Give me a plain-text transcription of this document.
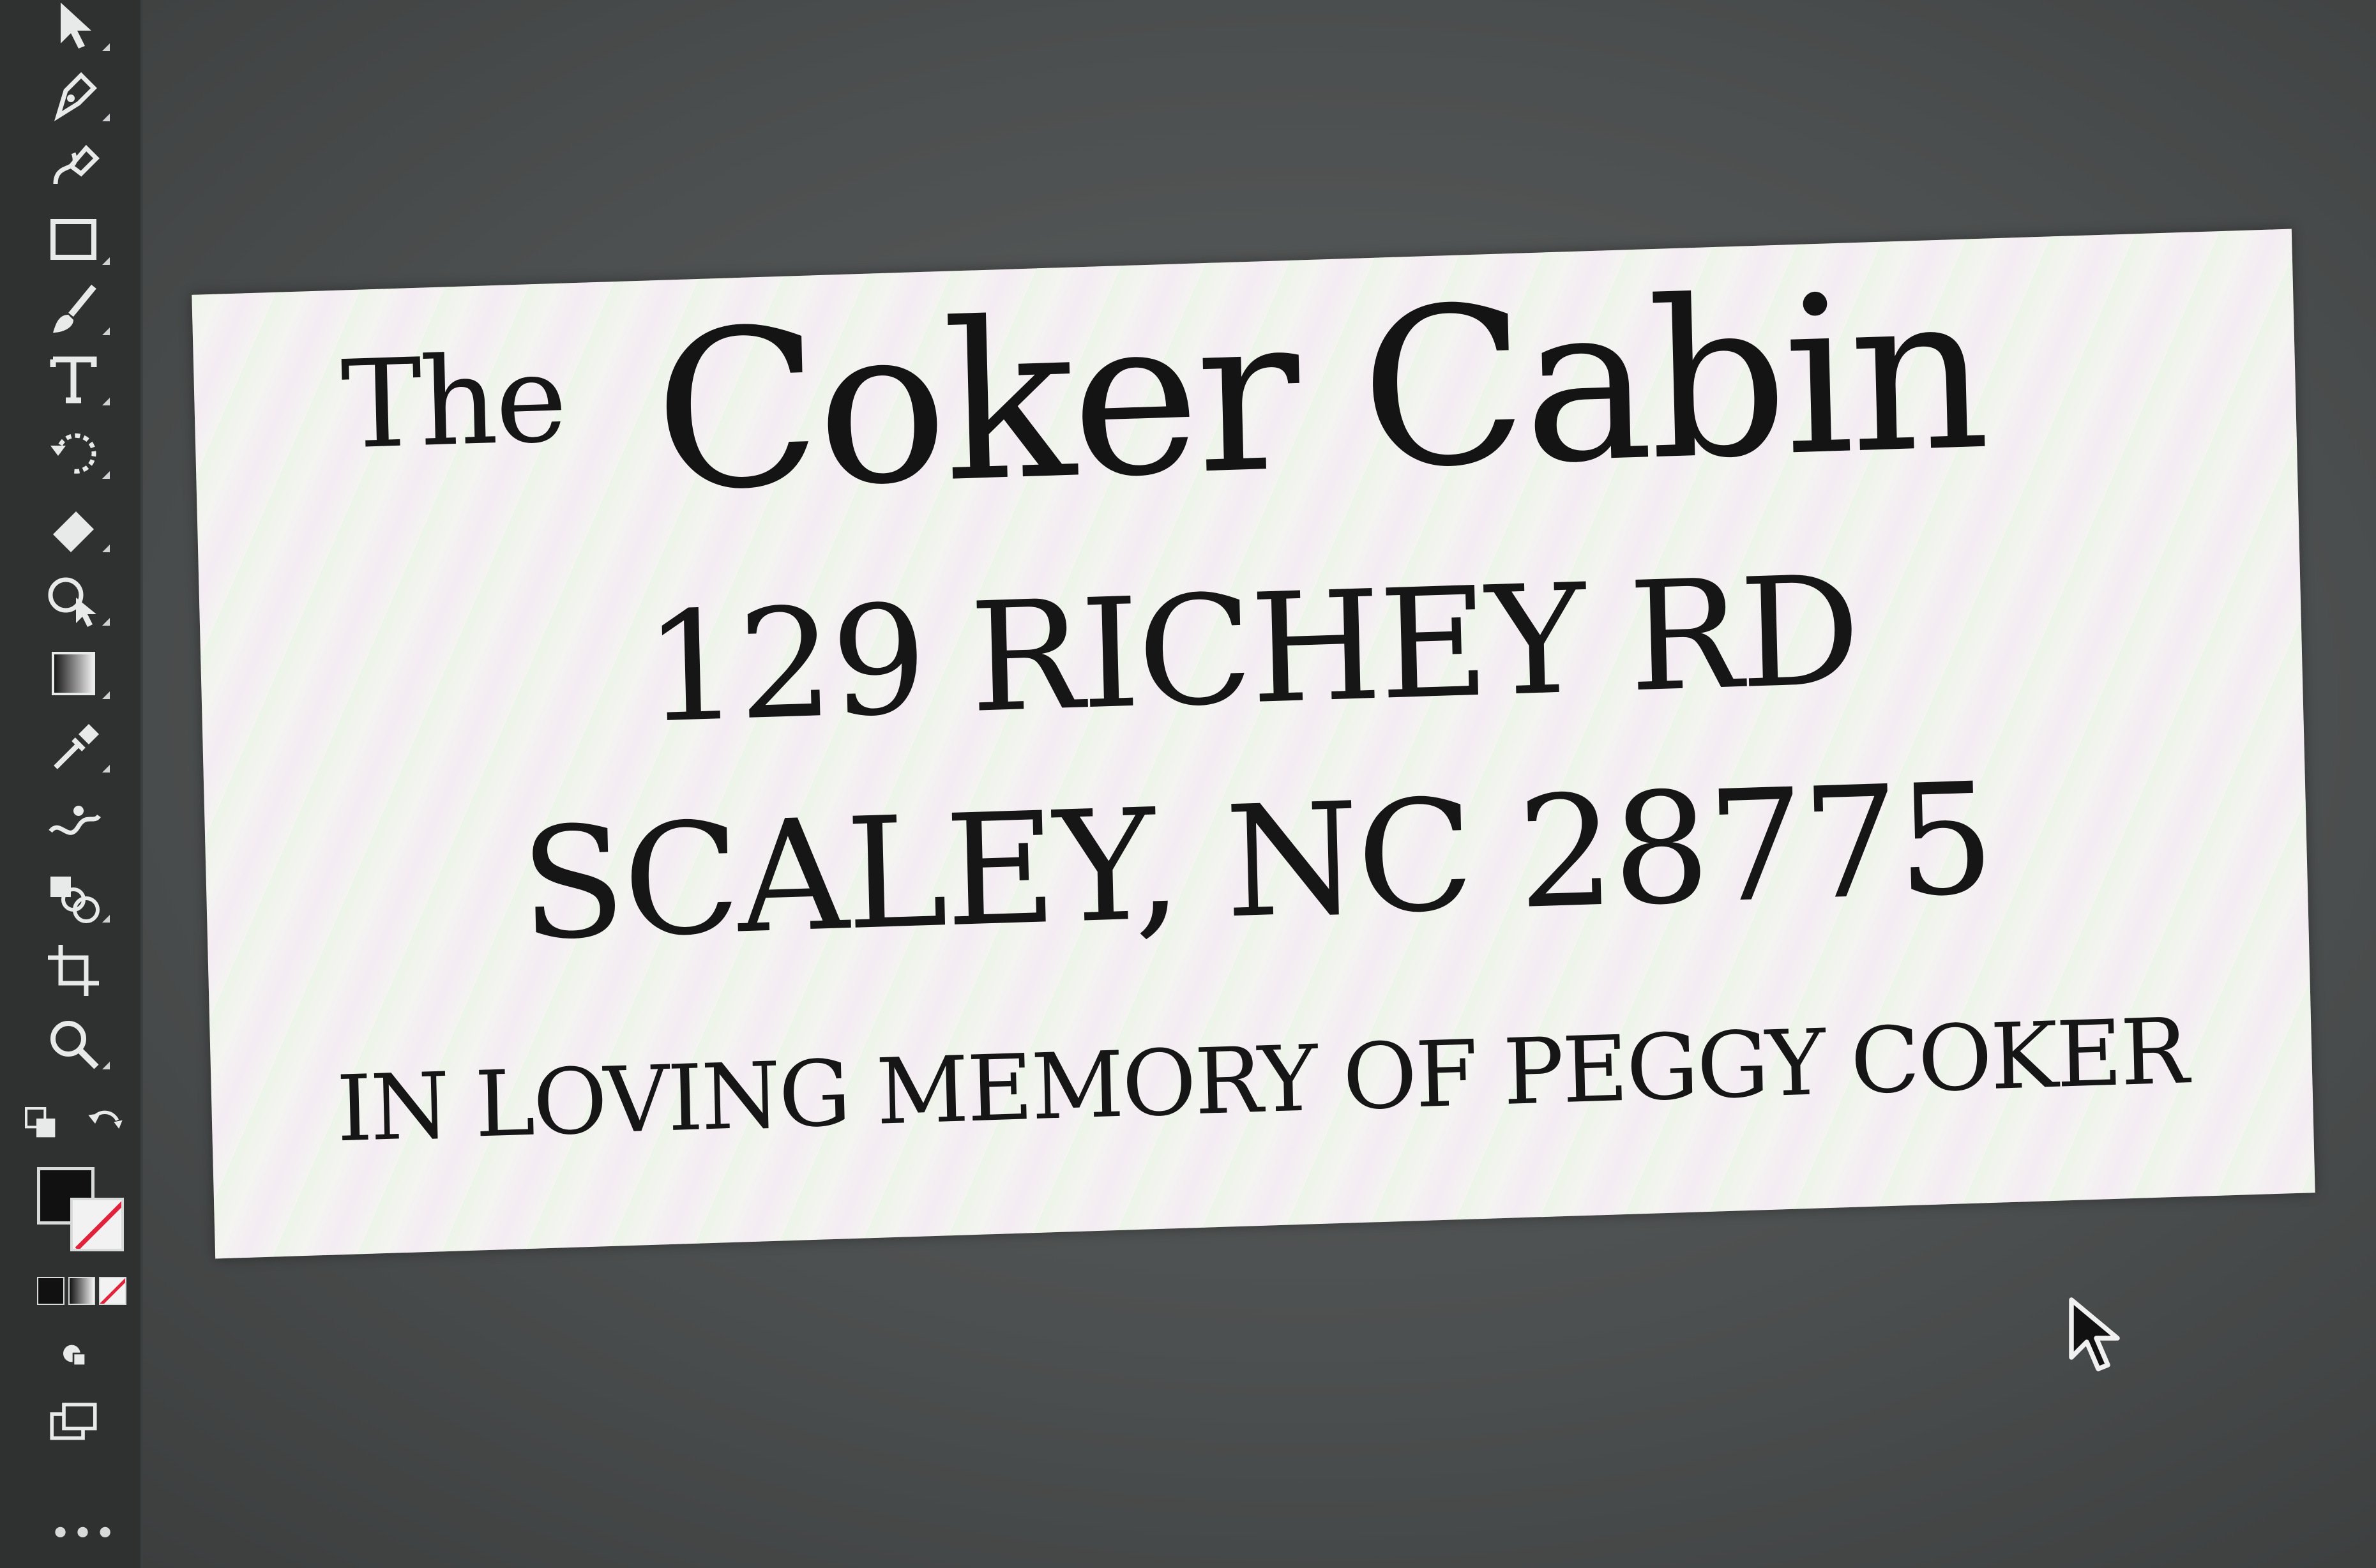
•••
The Coker Cabin
129 RICHEY RD
SCALEY, NC 28775
IN LOVING MEMORY OF PEGGY COKER
